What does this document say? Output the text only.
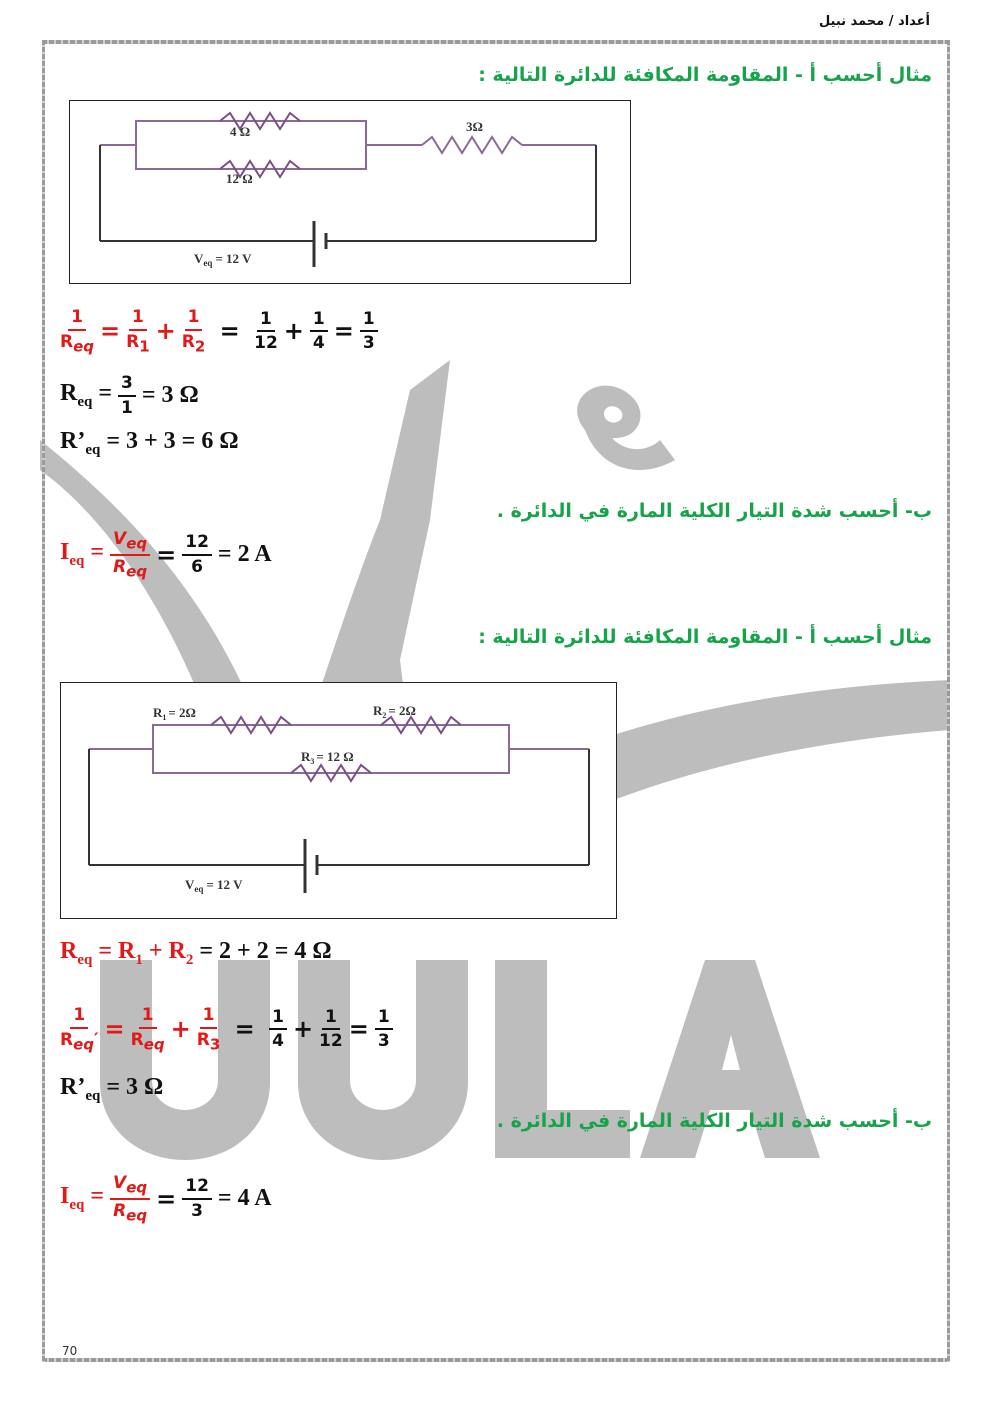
أعداد / محمد نبيل
70
مثال أحسب أ - المقاومة المكافئة للدائرة التالية :
4 Ω
12 Ω
3Ω
$V_{eq} = 12$ V
$\frac{1}{R_{eq}} = \frac{1}{R_1} + \frac{1}{R_2} = \frac{1}{12} + \frac{1}{4} = \frac{1}{3}$
$R_{eq} = \frac{3}{1} = 3$ Ω
$R’_{eq} = 3 + 3 = 6$ Ω
ب- أحسب شدة التيار الكلية المارة في الدائرة .
$I_{eq} = \frac{V_{eq}}{R_{eq}} = \frac{12}{6} = 2$ A
مثال أحسب أ - المقاومة المكافئة للدائرة التالية :
$R_1 = 2\Omega$	$R_2 = 2\Omega$
$R_3 = 12$ Ω
$V_{eq} = 12$ V
$R_{eq} = R_1 + R_2 = 2 + 2 = 4$ Ω
$\frac{1}{R_{eq}'} = \frac{1}{R_{eq}} + \frac{1}{R_3} = \frac{1}{4} + \frac{1}{12} = \frac{1}{3}$
$R’_{eq} = 3$ Ω
ب- أحسب شدة التيار الكلية المارة في الدائرة .
$I_{eq} = \frac{V_{eq}}{R_{eq}} = \frac{12}{3} = 4$ A
